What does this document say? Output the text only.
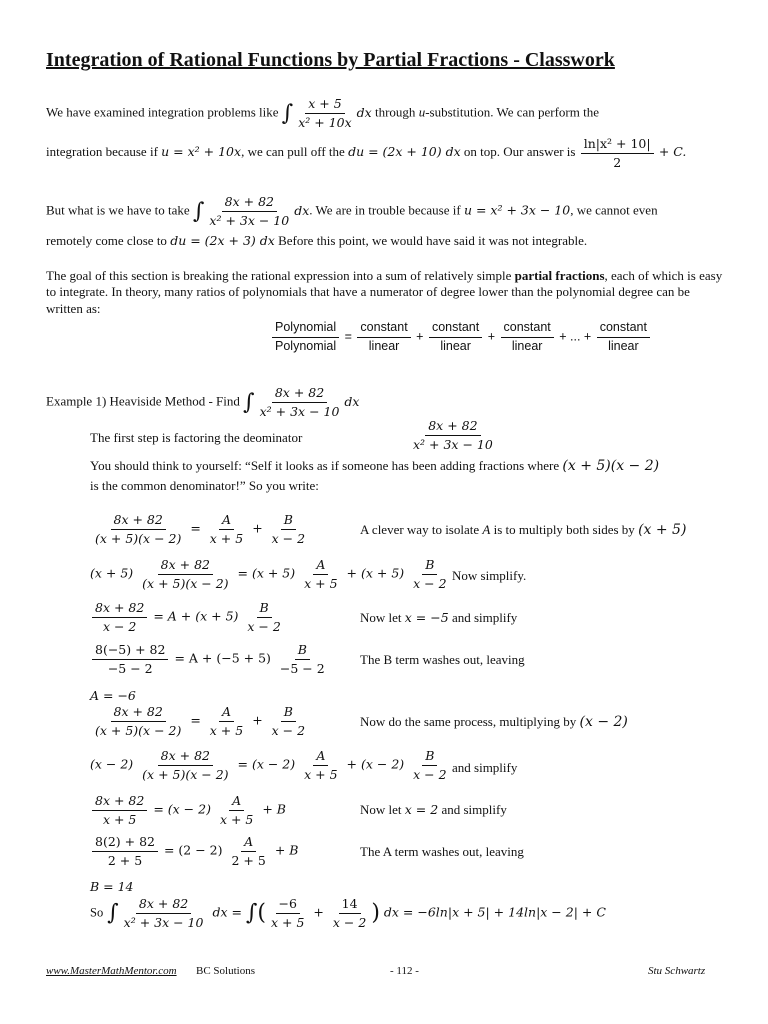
Integration of Rational Functions by Partial Fractions - Classwork
We have examined integration problems like ∫ $\frac{x + 5}{\text{x² + 10x}}$ dx through u-substitution. We can perform the
integration because if u = x² + 10x, we can pull off the du = (2x + 10) dx on top. Our answer is $\frac{\text{ln|x² + 10|}}{2} + C$.
But what is we have to take ∫ $\frac{8x + 82}{\text{x² + 3x − 10}}$ dx. We are in trouble because if u = x² + 3x − 10, we cannot even
remotely come close to du = (2x + 3) dx Before this point, we would have said it was not integrable.
The goal of this section is breaking the rational expression into a sum of relatively simple partial fractions, each of which is easy to integrate. In theory, many ratios of polynomials that have a numerator of degree lower than the polynomial degree can be written as:
$\frac{\text{Polynomial}}{\text{Polynomial}} = \frac{\text{constant}}{\text{linear}} + \frac{\text{constant}}{\text{linear}} + \frac{\text{constant}}{\text{linear}}$ + ... + $\frac{\text{constant}}{\text{linear}}$
Example 1) Heaviside Method - Find ∫ $\frac{8x + 82}{\text{x² + 3x − 10}}$ dx
The first step is factoring the deominator	$\frac{8x + 82}{\text{x² + 3x − 10}}$
You should think to yourself: “Self it looks as if someone has been adding fractions where (x + 5)(x − 2)
is the common denominator!” So you write:
$\frac{8x + 82}{(x + 5)(x - 2)} = \frac{A}{x + 5} + \frac{B}{x - 2}$	A clever way to isolate A is to multiply both sides by (x + 5)
$(x + 5) \frac{8x + 82}{(x + 5)(x - 2)} = (x + 5) \frac{A}{x + 5} + (x + 5) \frac{B}{x - 2}$ Now simplify.
$\frac{8x + 82}{x - 2} = A + (x + 5) \frac{B}{x - 2}$	Now let x = −5 and simplify
$\frac{8(-5) + 82}{-5 - 2} = A + (-5 + 5) \frac{B}{-5 - 2}$ The B term washes out, leaving
A = −6
$\frac{8x + 82}{(x + 5)(x - 2)} = \frac{A}{x + 5} + \frac{B}{x - 2}$	Now do the same process, multiplying by (x − 2)
$(x - 2) \frac{8x + 82}{(x + 5)(x - 2)} = (x - 2) \frac{A}{x + 5} + (x - 2) \frac{B}{x - 2}$ and simplify
$\frac{8x + 82}{x + 5} = (x - 2) \frac{A}{x + 5} + B$	Now let x = 2 and simplify
$\frac{8(2) + 82}{2 + 5} = (2 - 2) \frac{A}{2 + 5} + B$	The A term washes out, leaving
B = 14
So ∫ $\frac{8x + 82}{\text{x² + 3x − 10}}$ dx = ∫( $\frac{-6}{x + 5} + \frac{14}{x - 2}$ ) dx = −6ln|x + 5| + 14ln|x − 2| + C
www.MasterMathMentor.com BC Solutions	- 112 -	Stu Schwartz
